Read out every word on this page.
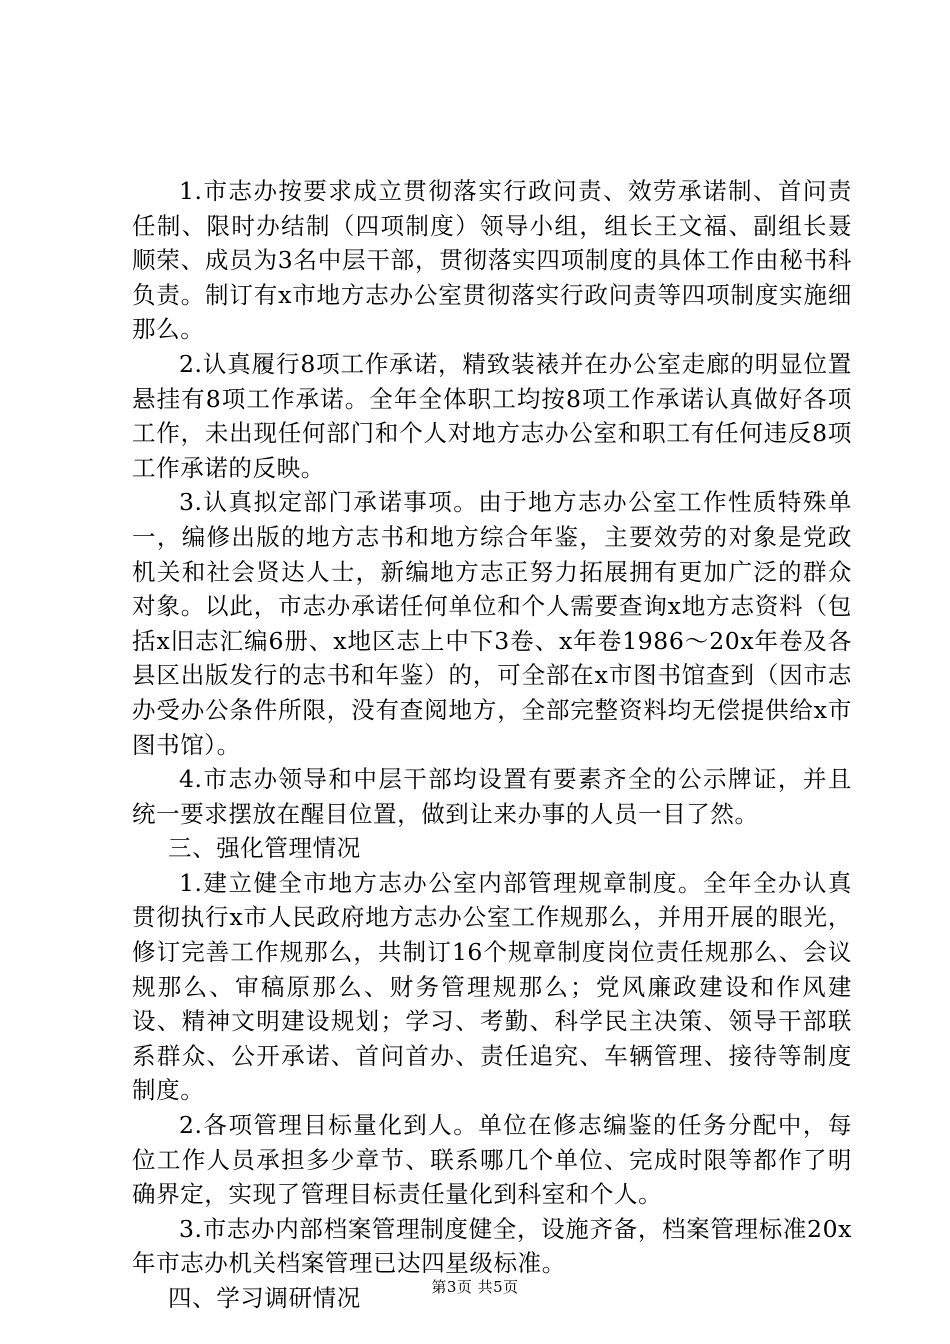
1.市志办按要求成立贯彻落实行政问责、效劳承诺制、首问责任制、限时办结制（四项制度）领导小组，组长王文福、副组长聂顺荣、成员为3名中层干部，贯彻落实四项制度的具体工作由秘书科负责。制订有x市地方志办公室贯彻落实行政问责等四项制度实施细那么。

2.认真履行8项工作承诺，精致装裱并在办公室走廊的明显位置悬挂有8项工作承诺。全年全体职工均按8项工作承诺认真做好各项工作，未出现任何部门和个人对地方志办公室和职工有任何违反8项工作承诺的反映。

3.认真拟定部门承诺事项。由于地方志办公室工作性质特殊单一，编修出版的地方志书和地方综合年鉴，主要效劳的对象是党政机关和社会贤达人士，新编地方志正努力拓展拥有更加广泛的群众对象。以此，市志办承诺任何单位和个人需要查询x地方志资料（包括x旧志汇编6册、x地区志上中下3卷、x年卷1986～20x年卷及各县区出版发行的志书和年鉴）的，可全部在x市图书馆查到（因市志办受办公条件所限，没有查阅地方，全部完整资料均无偿提供给x市图书馆）。

4.市志办领导和中层干部均设置有要素齐全的公示牌证，并且统一要求摆放在醒目位置，做到让来办事的人员一目了然。

三、强化管理情况

1.建立健全市地方志办公室内部管理规章制度。全年全办认真贯彻执行x市人民政府地方志办公室工作规那么，并用开展的眼光，修订完善工作规那么，共制订16个规章制度岗位责任规那么、会议规那么、审稿原那么、财务管理规那么；党风廉政建设和作风建设、精神文明建设规划；学习、考勤、科学民主决策、领导干部联系群众、公开承诺、首问首办、责任追究、车辆管理、接待等制度制度。

2.各项管理目标量化到人。单位在修志编鉴的任务分配中，每位工作人员承担多少章节、联系哪几个单位、完成时限等都作了明确界定，实现了管理目标责任量化到科室和个人。

3.市志办内部档案管理制度健全，设施齐备，档案管理标准20x年市志办机关档案管理已达四星级标准。

四、学习调研情况	第3页 共5页
